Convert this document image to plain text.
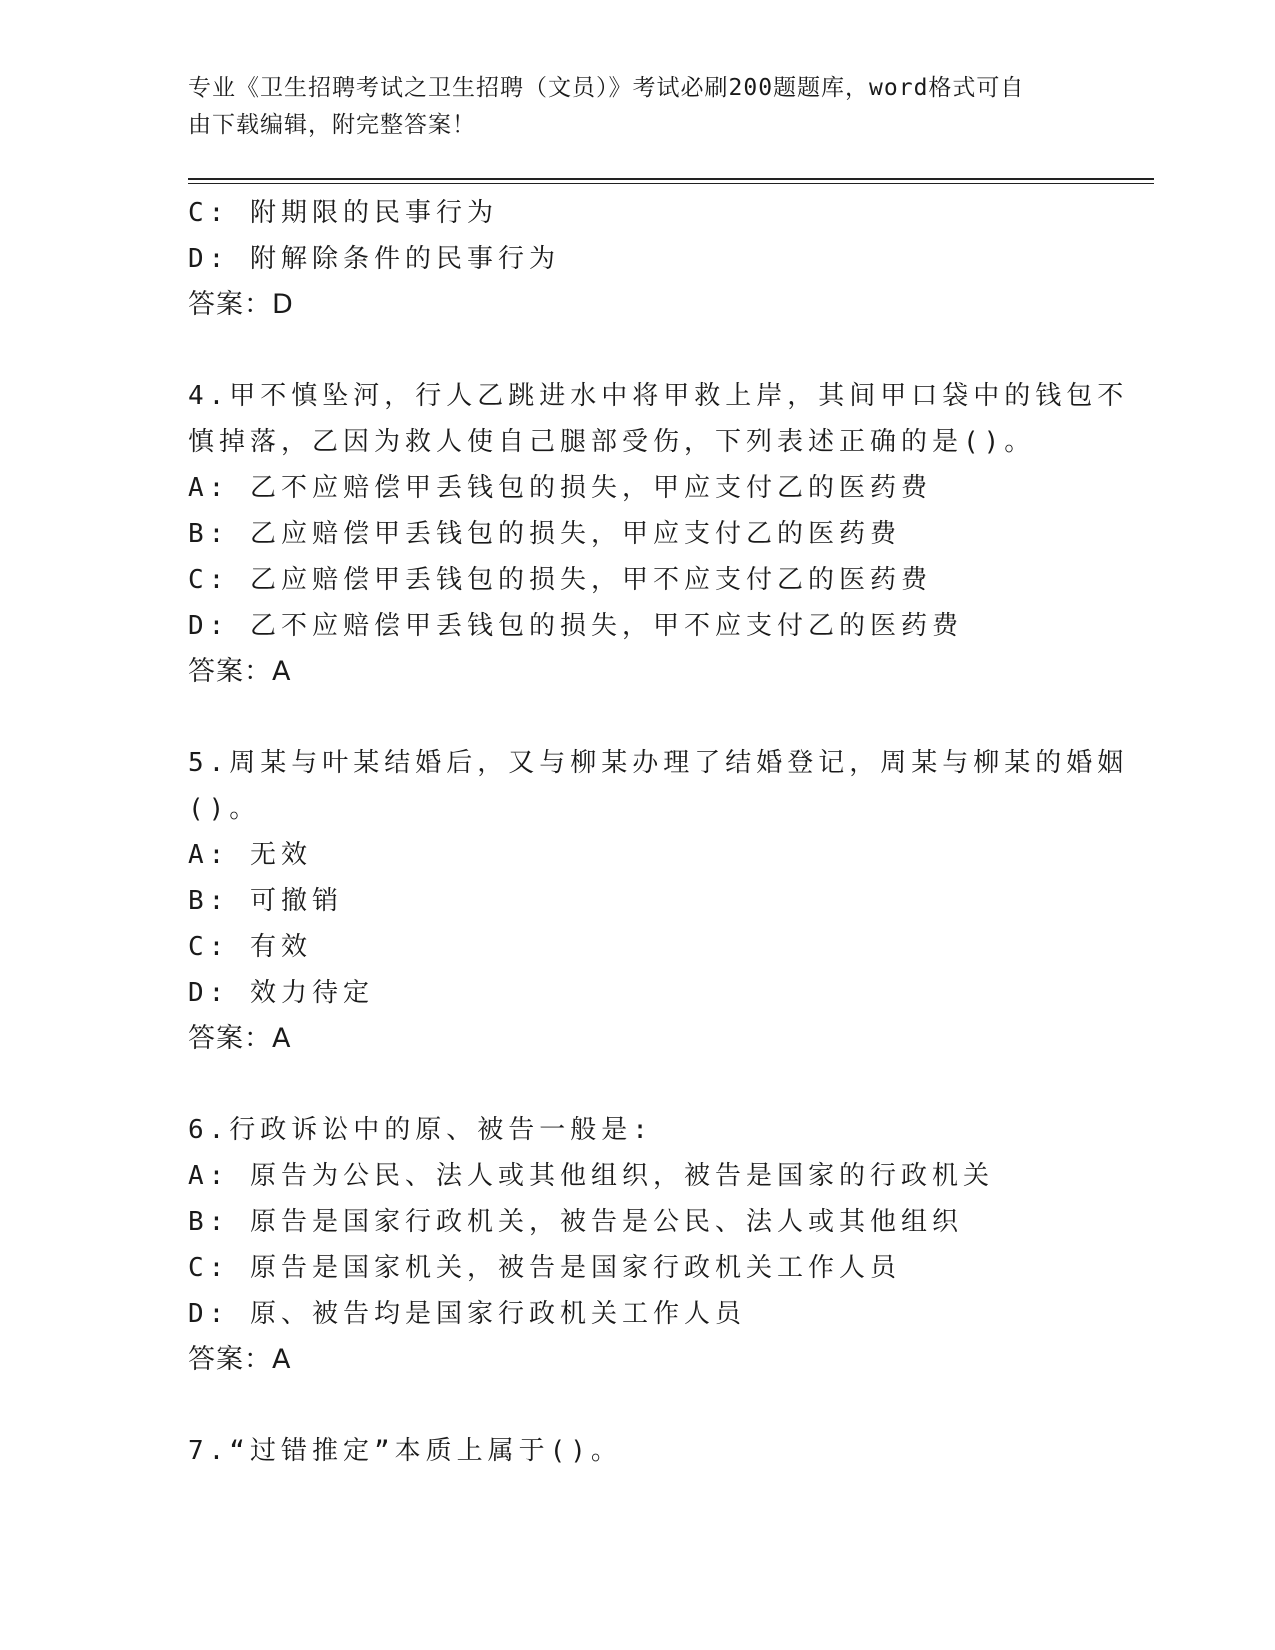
专业《卫生招聘考试之卫生招聘（文员）》考试必刷200题题库，word格式可自
由下载编辑，附完整答案！
C: 附期限的民事行为
D: 附解除条件的民事行为
答案：D
4.甲不慎坠河，行人乙跳进水中将甲救上岸，其间甲口袋中的钱包不
慎掉落，乙因为救人使自己腿部受伤，下列表述正确的是()。
A: 乙不应赔偿甲丢钱包的损失，甲应支付乙的医药费
B: 乙应赔偿甲丢钱包的损失，甲应支付乙的医药费
C: 乙应赔偿甲丢钱包的损失，甲不应支付乙的医药费
D: 乙不应赔偿甲丢钱包的损失，甲不应支付乙的医药费
答案：A
5.周某与叶某结婚后，又与柳某办理了结婚登记，周某与柳某的婚姻
()。
A: 无效
B: 可撤销
C: 有效
D: 效力待定
答案：A
6.行政诉讼中的原、被告一般是:
A: 原告为公民、法人或其他组织，被告是国家的行政机关
B: 原告是国家行政机关，被告是公民、法人或其他组织
C: 原告是国家机关，被告是国家行政机关工作人员
D: 原、被告均是国家行政机关工作人员
答案：A
7.“过错推定”本质上属于()。
